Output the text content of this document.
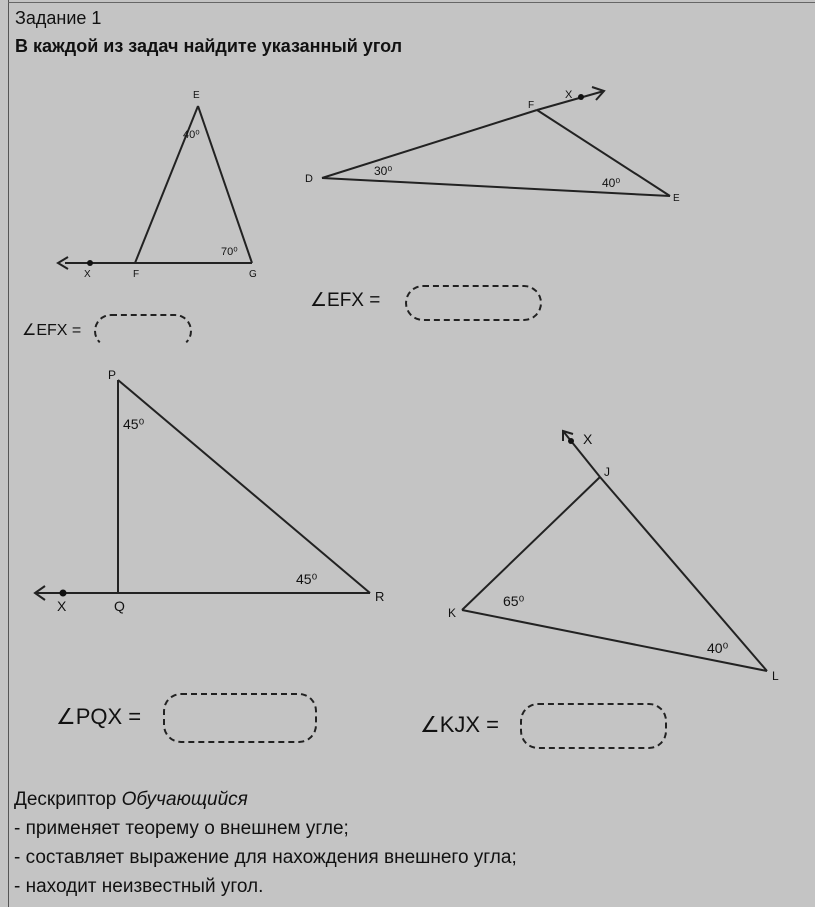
Задание 1
В каждой из задач найдите указанный угол
E
X	F	G
40⁰
70⁰
D
F
X
E
30⁰
40⁰
P
X	Q
R
45⁰
45⁰
X
J
K
L
65⁰
40⁰
∠EFX =
∠EFX =
∠PQX =	∠KJX =
Дескриптор Обучающийся
- применяет теорему о внешнем угле;
- составляет выражение для нахождения внешнего угла;
- находит неизвестный угол.
